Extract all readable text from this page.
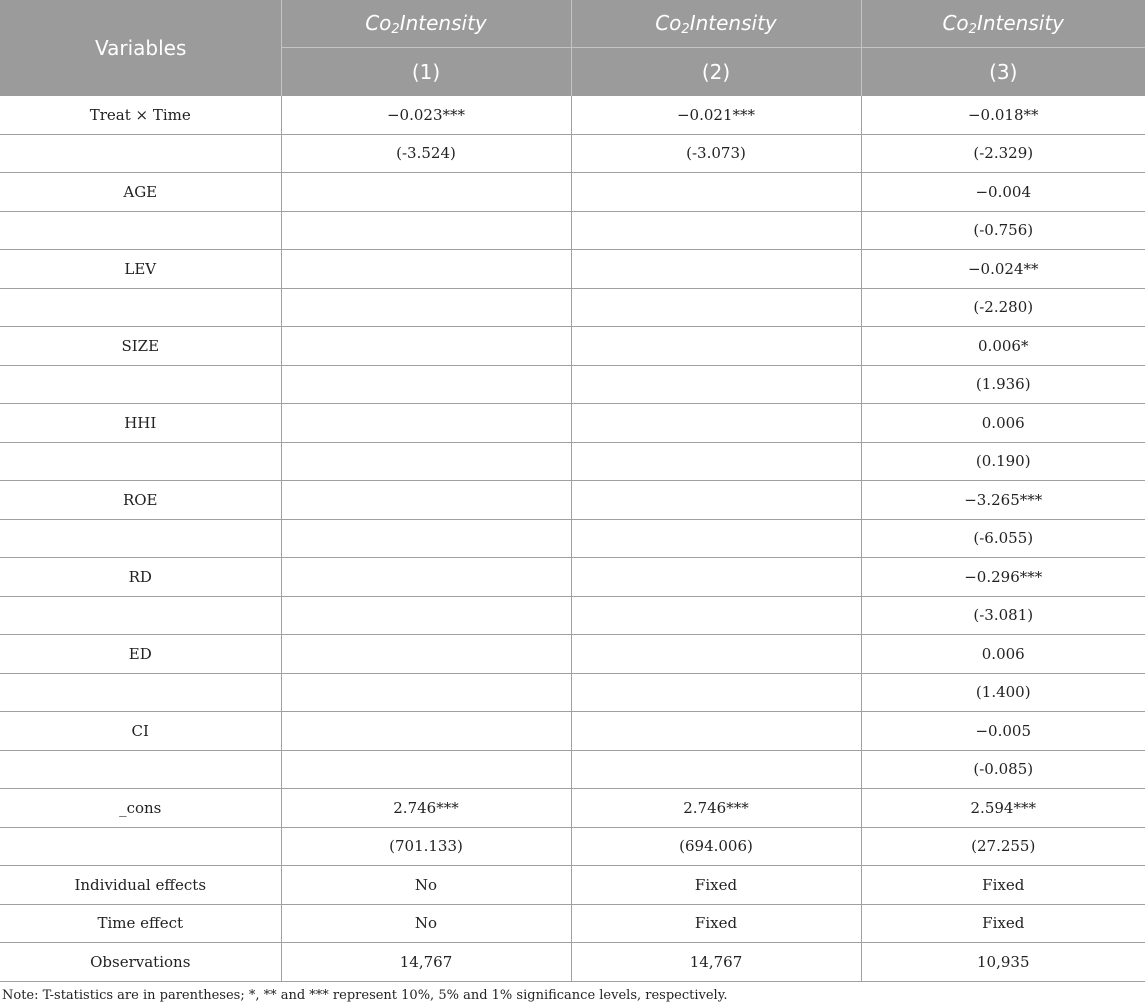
Variables	$Co_2Intensity$	$Co_2Intensity$	$Co_2Intensity$
	(1)	(2)	(3)
Treat × Time	−0.023***	−0.021***	−0.018**
	(-3.524)	(-3.073)	(-2.329)
AGE			−0.004
			(-0.756)
LEV			−0.024**
			(-2.280)
SIZE			0.006*
			(1.936)
HHI			0.006
			(0.190)
ROE			−3.265***
			(-6.055)
RD			−0.296***
			(-3.081)
ED			0.006
			(1.400)
CI			−0.005
			(-0.085)
_cons	2.746***	2.746***	2.594***
	(701.133)	(694.006)	(27.255)
Individual effects	No	Fixed	Fixed
Time effect	No	Fixed	Fixed
Observations	14,767	14,767	10,935

Note: T-statistics are in parentheses; *, ** and *** represent 10%, 5% and 1% significance levels, respectively.
